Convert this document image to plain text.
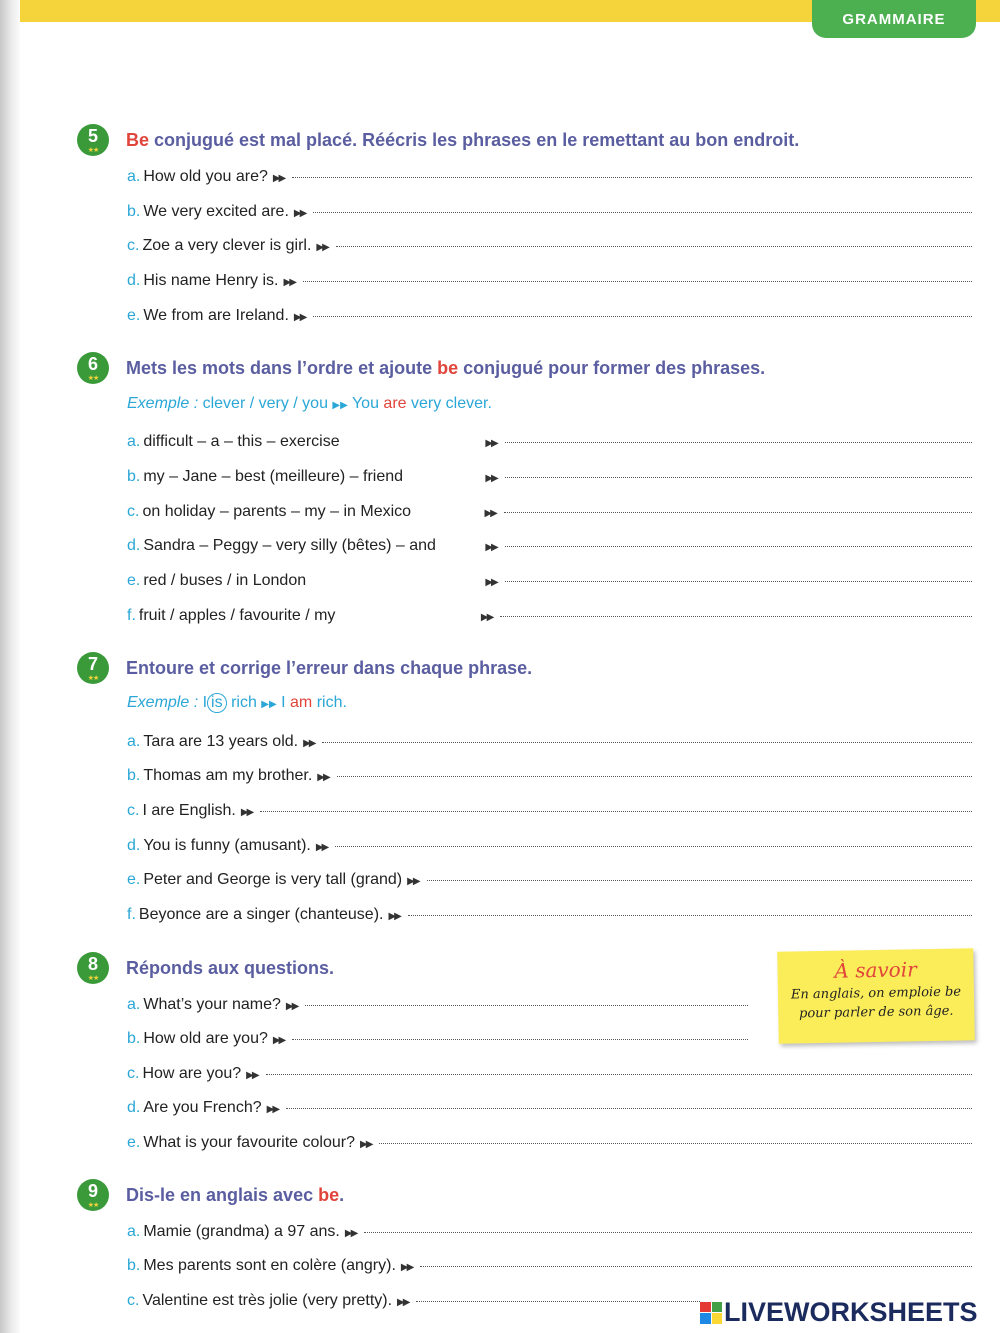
GRAMMAIRE
5
★★
Be conjugué est mal placé. Réécris les phrases en le remettant au bon endroit.
a. How old you are? ▶▶
b. We very excited are. ▶▶
c. Zoe a very clever is girl. ▶▶
d. His name Henry is. ▶▶
e. We from are Ireland. ▶▶
6
★★
Mets les mots dans l’ordre et ajoute be conjugué pour former des phrases.
Exemple : clever / very / you ▶▶ You are very clever.
a. difficult – a – this – exercise	▶▶
b. my – Jane – best (meilleure) – friend	▶▶
c. on holiday – parents – my – in Mexico	▶▶
d. Sandra – Peggy – very silly (bêtes) – and	▶▶
e. red / buses / in London	▶▶
f. fruit / apples / favourite / my	▶▶
7
★★
Entoure et corrige l’erreur dans chaque phrase.
Exemple : I is rich ▶▶ I am rich.
a. Tara are 13 years old. ▶▶
b. Thomas am my brother. ▶▶
c. I are English. ▶▶
d. You is funny (amusant). ▶▶
e. Peter and George is very tall (grand) ▶▶
f. Beyonce are a singer (chanteuse). ▶▶
8
★★
Réponds aux questions.
a. What’s your name? ▶▶
b. How old are you? ▶▶
c. How are you? ▶▶
d. Are you French? ▶▶
e. What is your favourite colour? ▶▶
À savoir
En anglais, on emploie be
pour parler de son âge.
9
★★
Dis-le en anglais avec be.
a. Mamie (grandma) a 97 ans. ▶▶
b. Mes parents sont en colère (angry). ▶▶
c. Valentine est très jolie (very pretty). ▶▶	LIVEWORKSHEETS
